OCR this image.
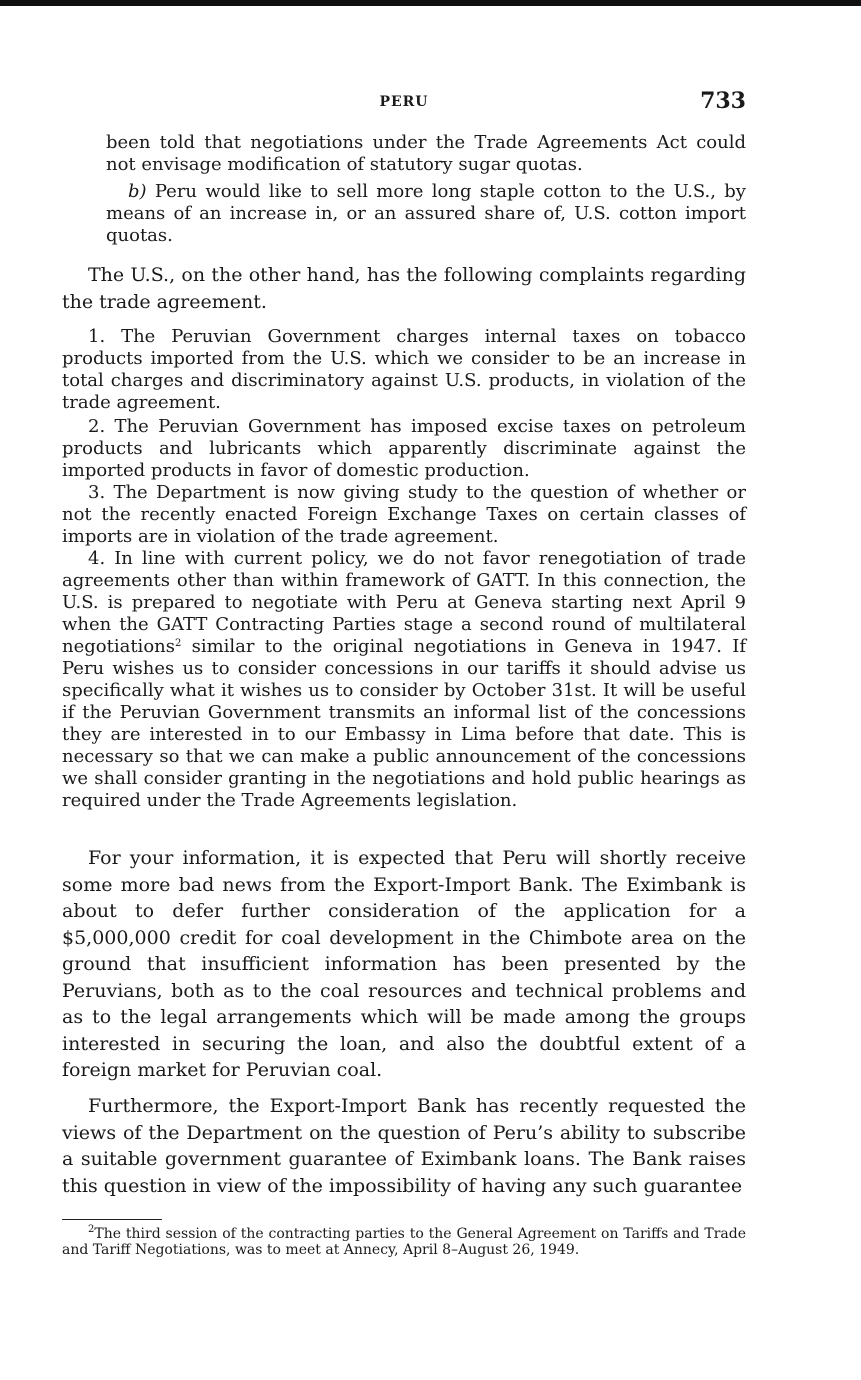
PERU	733

been told that negotiations under the Trade Agreements Act could not envisage modification of statutory sugar quotas.

b) Peru would like to sell more long staple cotton to the U.S., by means of an increase in, or an assured share of, U.S. cotton import quotas.

The U.S., on the other hand, has the following complaints regarding the trade agreement.

1. The Peruvian Government charges internal taxes on tobacco products imported from the U.S. which we consider to be an increase in total charges and discriminatory against U.S. products, in violation of the trade agreement.

2. The Peruvian Government has imposed excise taxes on petroleum products and lubricants which apparently discriminate against the imported products in favor of domestic production.

3. The Department is now giving study to the question of whether or not the recently enacted Foreign Exchange Taxes on certain classes of imports are in violation of the trade agreement.

4. In line with current policy, we do not favor renegotiation of trade agreements other than within framework of GATT. In this connection, the U.S. is prepared to negotiate with Peru at Geneva starting next April 9 when the GATT Contracting Parties stage a second round of multilateral negotiations$^2$ similar to the original negotiations in Geneva in 1947. If Peru wishes us to consider concessions in our tariffs it should advise us specifically what it wishes us to consider by October 31st. It will be useful if the Peruvian Government transmits an informal list of the concessions they are interested in to our Embassy in Lima before that date. This is necessary so that we can make a public announcement of the concessions we shall consider granting in the negotiations and hold public hearings as required under the Trade Agreements legislation.

For your information, it is expected that Peru will shortly receive some more bad news from the Export-Import Bank. The Eximbank is about to defer further consideration of the application for a $5,000,000 credit for coal development in the Chimbote area on the ground that insufficient information has been presented by the Peruvians, both as to the coal resources and technical problems and as to the legal arrangements which will be made among the groups interested in securing the loan, and also the doubtful extent of a foreign market for Peruvian coal.

Furthermore, the Export-Import Bank has recently requested the views of the Department on the question of Peru’s ability to subscribe a suitable government guarantee of Eximbank loans. The Bank raises this question in view of the impossibility of having any such guarantee

$^2$The third session of the contracting parties to the General Agreement on Tariffs and Trade and Tariff Negotiations, was to meet at Annecy, April 8–August 26, 1949.
